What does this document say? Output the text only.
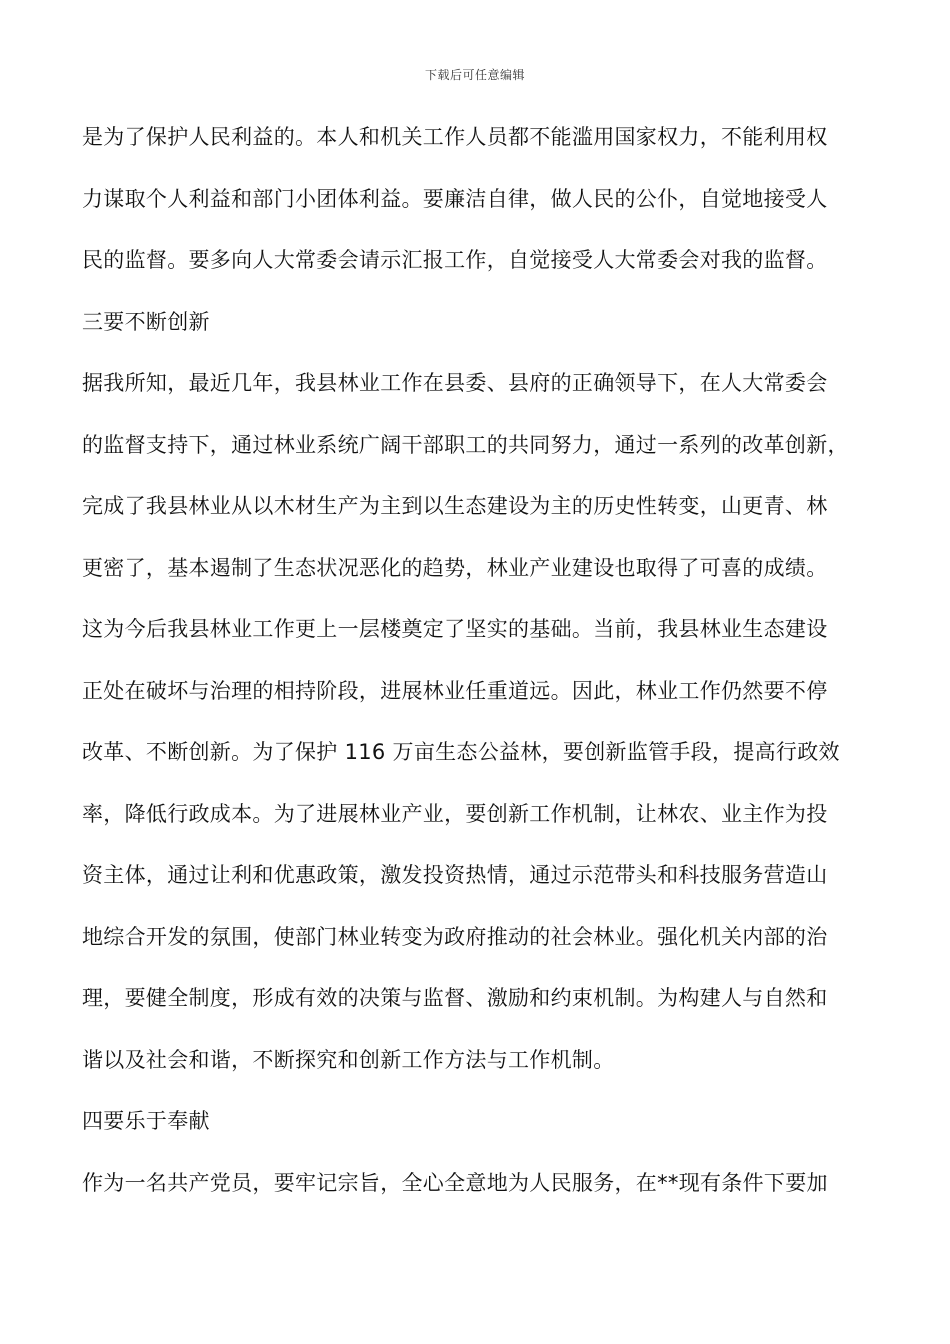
下载后可任意编辑
是为了保护人民利益的。本人和机关工作人员都不能滥用国家权力，不能利用权
力谋取个人利益和部门小团体利益。要廉洁自律，做人民的公仆，自觉地接受人
民的监督。要多向人大常委会请示汇报工作，自觉接受人大常委会对我的监督。
三要不断创新
据我所知，最近几年，我县林业工作在县委、县府的正确领导下，在人大常委会
的监督支持下，通过林业系统广阔干部职工的共同努力，通过一系列的改革创新，
完成了我县林业从以木材生产为主到以生态建设为主的历史性转变，山更青、林
更密了，基本遏制了生态状况恶化的趋势，林业产业建设也取得了可喜的成绩。
这为今后我县林业工作更上一层楼奠定了坚实的基础。当前，我县林业生态建设
正处在破坏与治理的相持阶段，进展林业任重道远。因此，林业工作仍然要不停
改革、不断创新。为了保护 116 万亩生态公益林，要创新监管手段，提高行政效
率，降低行政成本。为了进展林业产业，要创新工作机制，让林农、业主作为投
资主体，通过让利和优惠政策，激发投资热情，通过示范带头和科技服务营造山
地综合开发的氛围，使部门林业转变为政府推动的社会林业。强化机关内部的治
理，要健全制度，形成有效的决策与监督、激励和约束机制。为构建人与自然和
谐以及社会和谐，不断探究和创新工作方法与工作机制。
四要乐于奉献
作为一名共产党员，要牢记宗旨，全心全意地为人民服务，在**现有条件下要加
